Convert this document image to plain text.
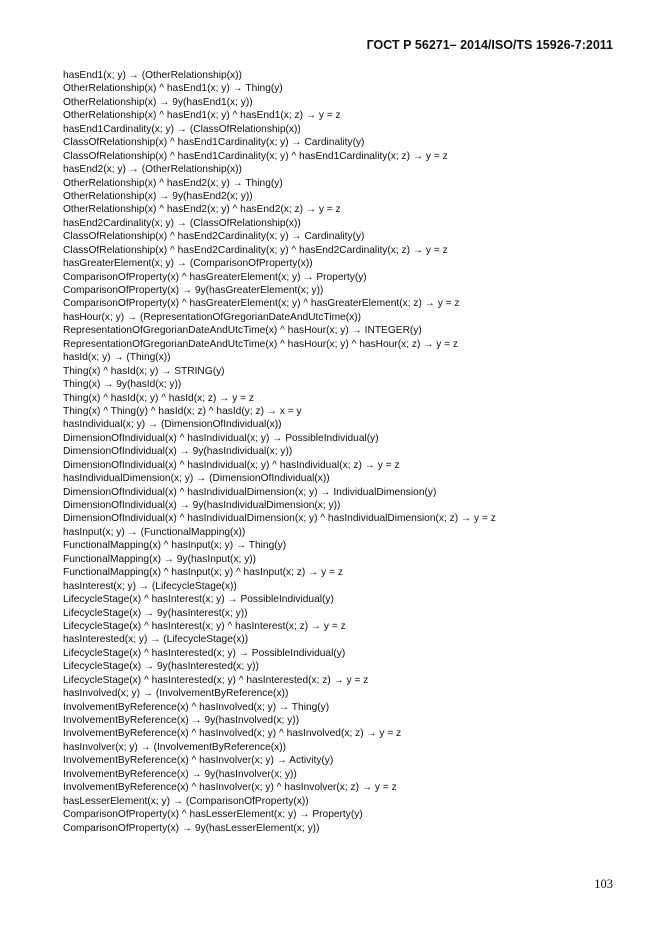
ГОСТ Р 56271– 2014/ISO/TS 15926-7:2011
hasEnd1(x; y) → (OtherRelationship(x))
OtherRelationship(x) ^ hasEnd1(x; y) → Thing(y)
OtherRelationship(x) → 9y(hasEnd1(x; y))
OtherRelationship(x) ^ hasEnd1(x; y) ^ hasEnd1(x; z) → y = z
hasEnd1Cardinality(x; y) → (ClassOfRelationship(x))
ClassOfRelationship(x) ^ hasEnd1Cardinality(x; y) → Cardinality(y)
ClassOfRelationship(x) ^ hasEnd1Cardinality(x; y) ^ hasEnd1Cardinality(x; z) → y = z
hasEnd2(x; y) → (OtherRelationship(x))
OtherRelationship(x) ^ hasEnd2(x; y) → Thing(y)
OtherRelationship(x) → 9y(hasEnd2(x; y))
OtherRelationship(x) ^ hasEnd2(x; y) ^ hasEnd2(x; z) → y = z
hasEnd2Cardinality(x; y) → (ClassOfRelationship(x))
ClassOfRelationship(x) ^ hasEnd2Cardinality(x; y) → Cardinality(y)
ClassOfRelationship(x) ^ hasEnd2Cardinality(x; y) ^ hasEnd2Cardinality(x; z) → y = z
hasGreaterElement(x; y) → (ComparisonOfProperty(x))
ComparisonOfProperty(x) ^ hasGreaterElement(x; y) → Property(y)
ComparisonOfProperty(x) → 9y(hasGreaterElement(x; y))
ComparisonOfProperty(x) ^ hasGreaterElement(x; y) ^ hasGreaterElement(x; z) → y = z
hasHour(x; y) → (RepresentationOfGregorianDateAndUtcTime(x))
RepresentationOfGregorianDateAndUtcTime(x) ^ hasHour(x; y) → INTEGER(y)
RepresentationOfGregorianDateAndUtcTime(x) ^ hasHour(x; y) ^ hasHour(x; z) → y = z
hasId(x; y) → (Thing(x))
Thing(x) ^ hasId(x; y) → STRING(y)
Thing(x) → 9y(hasId(x; y))
Thing(x) ^ hasId(x; y) ^ hasId(x; z) → y = z
Thing(x) ^ Thing(y) ^ hasId(x; z) ^ hasId(y; z) → x = y
hasIndividual(x; y) → (DimensionOfIndividual(x))
DimensionOfIndividual(x) ^ hasIndividual(x; y) → PossibleIndividual(y)
DimensionOfIndividual(x) → 9y(hasIndividual(x; y))
DimensionOfIndividual(x) ^ hasIndividual(x; y) ^ hasIndividual(x; z) → y = z
hasIndividualDimension(x; y) → (DimensionOfIndividual(x))
DimensionOfIndividual(x) ^ hasIndividualDimension(x; y) → IndividualDimension(y)
DimensionOfIndividual(x) → 9y(hasIndividualDimension(x; y))
DimensionOfIndividual(x) ^ hasIndividualDimension(x; y) ^ hasIndividualDimension(x; z) → y = z
hasInput(x; y) → (FunctionalMapping(x))
FunctionalMapping(x) ^ hasInput(x; y) → Thing(y)
FunctionalMapping(x) → 9y(hasInput(x; y))
FunctionalMapping(x) ^ hasInput(x; y) ^ hasInput(x; z) → y = z
hasInterest(x; y) → (LifecycleStage(x))
LifecycleStage(x) ^ hasInterest(x; y) → PossibleIndividual(y)
LifecycleStage(x) → 9y(hasInterest(x; y))
LifecycleStage(x) ^ hasInterest(x; y) ^ hasInterest(x; z) → y = z
hasInterested(x; y) → (LifecycleStage(x))
LifecycleStage(x) ^ hasInterested(x; y) → PossibleIndividual(y)
LifecycleStage(x) → 9y(hasInterested(x; y))
LifecycleStage(x) ^ hasInterested(x; y) ^ hasInterested(x; z) → y = z
hasInvolved(x; y) → (InvolvementByReference(x))
InvolvementByReference(x) ^ hasInvolved(x; y) → Thing(y)
InvolvementByReference(x) → 9y(hasInvolved(x; y))
InvolvementByReference(x) ^ hasInvolved(x; y) ^ hasInvolved(x; z) → y = z
hasInvolver(x; y) → (InvolvementByReference(x))
InvolvementByReference(x) ^ hasInvolver(x; y) → Activity(y)
InvolvementByReference(x) → 9y(hasInvolver(x; y))
InvolvementByReference(x) ^ hasInvolver(x; y) ^ hasInvolver(x; z) → y = z
hasLesserElement(x; y) → (ComparisonOfProperty(x))
ComparisonOfProperty(x) ^ hasLesserElement(x; y) → Property(y)
ComparisonOfProperty(x) → 9y(hasLesserElement(x; y))
103
